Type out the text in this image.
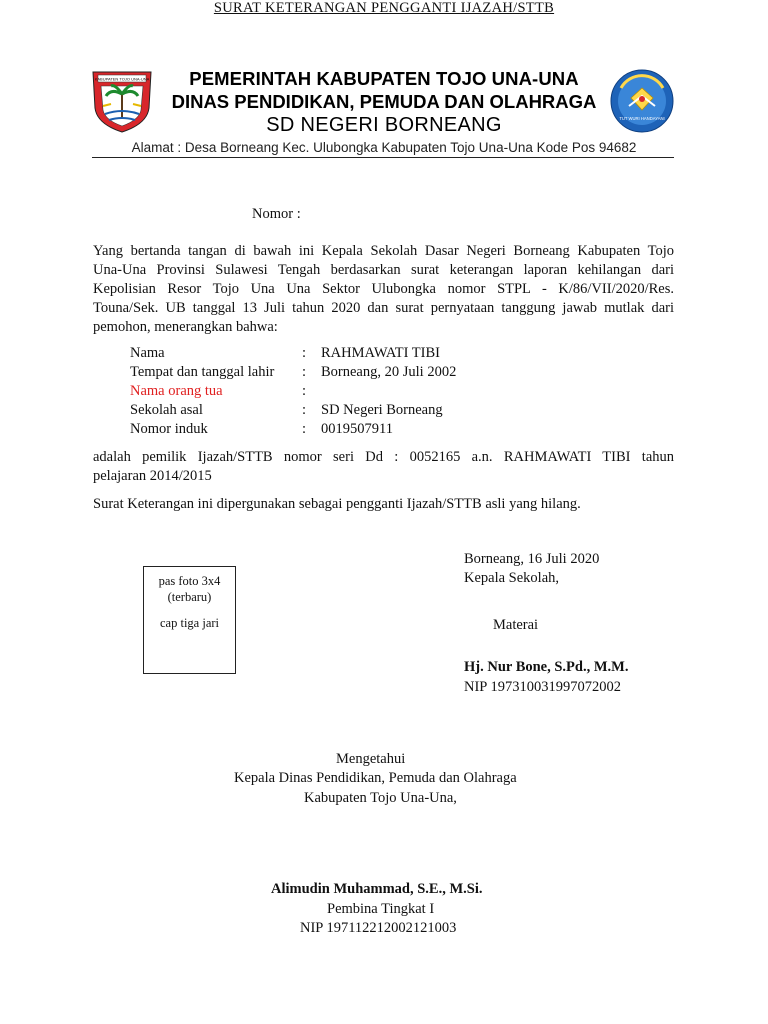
KABUPATEN TOJO UNA-UNA
TUT WURI HANDAYANI
PEMERINTAH KABUPATEN TOJO UNA-UNA
DINAS PENDIDIKAN, PEMUDA DAN OLAHRAGA
SD NEGERI BORNEANG
Alamat : Desa Borneang Kec. Ulubongka Kabupaten Tojo Una-Una Kode Pos 94682
SURAT KETERANGAN PENGGANTI IJAZAH/STTB
Nomor :
Yang bertanda tangan di bawah ini Kepala Sekolah Dasar Negeri Borneang Kabupaten Tojo
Una-Una Provinsi Sulawesi Tengah berdasarkan surat keterangan laporan kehilangan dari
Kepolisian Resor Tojo Una Una Sektor Ulubongka nomor STPL - K/86/VII/2020/Res.
Touna/Sek. UB tanggal 13 Juli tahun 2020 dan surat pernyataan tanggung jawab mutlak dari
pemohon, menerangkan bahwa:
Nama	: RAHMAWATI TIBI
Tempat dan tanggal lahir : Borneang, 20 Juli 2002
Nama orang tua	:
Sekolah asal	: SD Negeri Borneang
Nomor induk	: 0019507911
adalah pemilik Ijazah/STTB nomor seri Dd : 0052165 a.n. RAHMAWATI TIBI tahun
pelajaran 2014/2015
Surat Keterangan ini dipergunakan sebagai pengganti Ijazah/STTB asli yang hilang.
pas foto 3x4
(terbaru)
cap tiga jari
Borneang, 16 Juli 2020
Kepala Sekolah,
Materai
Hj. Nur Bone, S.Pd., M.M.
NIP 197310031997072002
Mengetahui
Kepala Dinas Pendidikan, Pemuda dan Olahraga
Kabupaten Tojo Una-Una,
Alimudin Muhammad, S.E., M.Si.
Pembina Tingkat I
NIP 197112212002121003
